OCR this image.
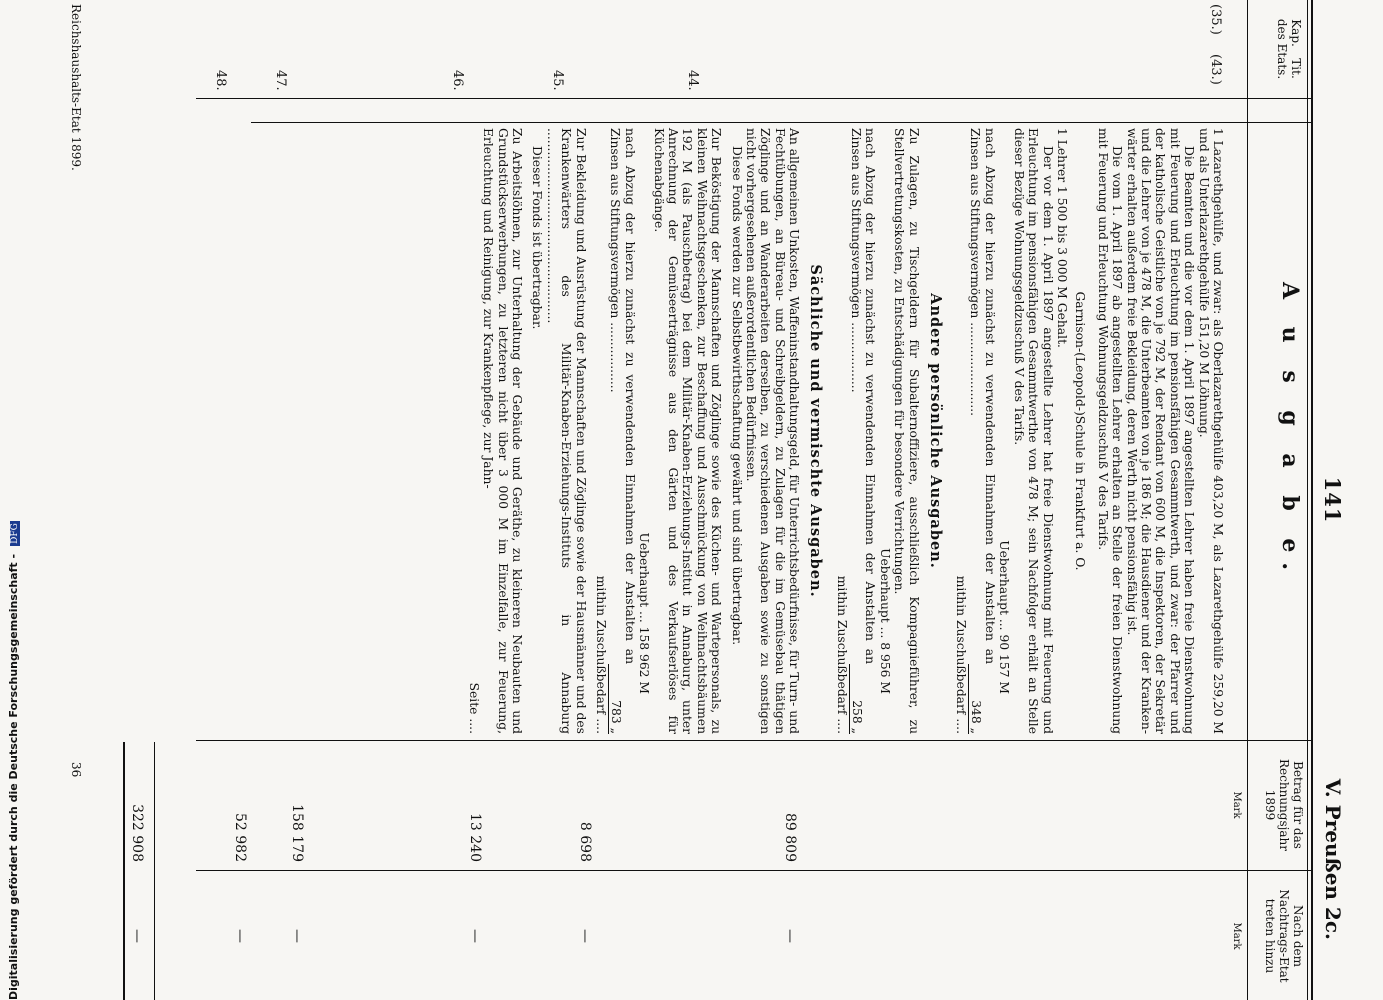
141
V. Preußen 2c.
Kap.   Tit.
des Etats.
A u s g a b e.
Betrag für das Rechnungsjahr 1899
Nach dem Nachtrags-Etat treten hinzu
Mark
Mark
1 Lazarethgehülfe, und zwar: als Oberlazarethgehülfe 403,20 M, als Lazarethgehülfe 259,20 M und als Unterlazarethgehülfe 151,20 M Löhnung.
Die Beamten und die vor dem 1. April 1897 angestellten Lehrer haben freie Dienstwohnung mit Feuerung und Erleuchtung im pensionsfähigen Gesammtwerth, und zwar: der Pfarrer und der katholische Geistliche von je 792 M, der Rendant von 600 M, die Inspektoren, der Sekretär und die Lehrer von je 478 M, die Unterbeamten von je 186 M; die Hausdiener und der Krankenwärter erhalten außerdem freie Bekleidung, deren Werth nicht pensionsfähig ist.
Die vom 1. April 1897 ab angestellten Lehrer erhalten an Stelle der freien Dienstwohnung mit Feuerung und Erleuchtung Wohnungsgeldzuschuß V des Tarifs.
Garnison-(Leopold-)Schule in Frankfurt a. O.
1 Lehrer 1 500 bis 3 000 M Gehalt.
Der vor dem 1. April 1897 angestellte Lehrer hat freie Dienstwohnung mit Feuerung und Erleuchtung im pensionsfähigen Gesammtwerthe von 478 M; sein Nachfolger erhält an Stelle dieser Bezüge Wohnungsgeldzuschuß V des Tarifs.
Ueberhaupt ... 90 157 M
nach Abzug der hierzu zunächst zu verwendenden Einnahmen der Anstalten an Zinsen aus Stiftungsvermögen ........................
348 „
mithin Zuschußbedarf ....
Andere persönliche Ausgaben.
Zu Zulagen, zu Tischgeldern für Subalternoffiziere, ausschließlich Kompagnieführer, zu Stellvertretungskosten, zu Entschädigungen für besondere Verrichtungen.
Ueberhaupt ... 8 956 M
nach Abzug der hierzu zunächst zu verwendenden Einnahmen der Anstalten an Zinsen aus Stiftungsvermögen ..................
258 „
mithin Zuschußbedarf ....
Sächliche und vermischte Ausgaben.
An allgemeinen Unkosten, Waffeninstandhaltungsgeld, für Unterrichtsbedürfnisse, für Turn- und Fechtübungen, an Büreau- und Schreibgeldern, zu Zulagen für die im Gemüsebau thätigen Zöglinge und an Wanderarbeiten derselben, zu verschiedenen Ausgaben sowie zu sonstigen nicht vorhergesehenen außerordentlichen Bedürfnissen.
Diese Fonds werden zur Selbstbewirthschaftung gewährt und sind übertragbar.
Zur Beköstigung der Mannschaften und Zöglinge sowie des Küchen- und Wartepersonals, zu kleinen Weihnachtsgeschenken, zur Beschaffung und Ausschmückung von Weihnachtsbäumen 192 M (als Pauschbetrag) bei dem Militär-Knaben-Erziehungs-Institut in Annaburg, unter Anrechnung der Gemüseerträgnisse aus den Gärten und des Verkaufserlöses für Küchenabgänge.
Ueberhaupt ... 158 962 M
nach Abzug der hierzu zunächst zu verwendenden Einnahmen der Anstalten an Zinsen aus Stiftungsvermögen ..................
783 „
mithin Zuschußbedarf ....
Zur Bekleidung und Ausrüstung der Mannschaften und Zöglinge sowie der Hausmänner und des Krankenwärters des Militär-Knaben-Erziehungs-Instituts in Annaburg ..................................................
Dieser Fonds ist übertragbar.
Zu Arbeitslöhnen, zur Unterhaltung der Gebäude und Geräthe, zu kleineren Neubauten und Grundstückserwerbungen, zu letzteren nicht über 3 000 M im Einzelfalle, zur Feuerung, Erleuchtung und Reinigung, zur Krankenpflege, zur Jahn-
Seite ....
(35.)
(43.)
44.
45.
46.
47.
48.
89 809
—
8 698
—
13 240
—
158 179
—
52 982
—
322 908
—
Reichshaushalts-Etat 1899.
36
Digitalisierung gefördert durch die Deutsche Forschungsgemeinschaft - DFG
